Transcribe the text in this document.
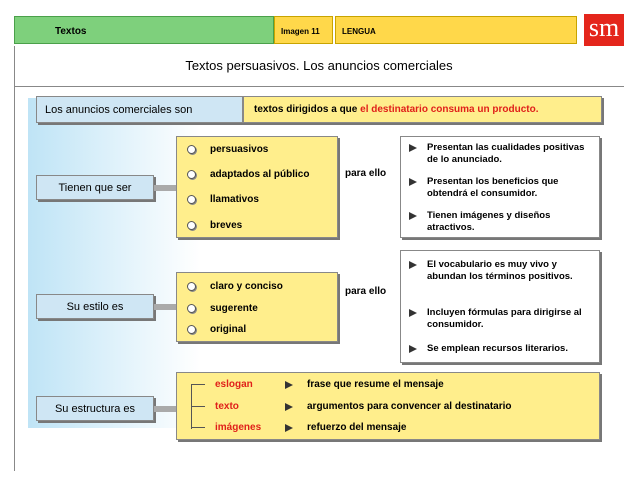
Textos	Imagen 11	LENGUA	sm
Textos persuasivos. Los anuncios comerciales
Los anuncios comerciales son	textos dirigidos a que el destinatario consuma un producto.
Tienen que ser
persuasivos
adaptados al público
llamativos
breves
para ello
Presentan las cualidades positivas de lo anunciado.
Presentan los beneficios que obtendrá el consumidor.
Tienen imágenes y diseños atractivos.
Su estilo es
claro y conciso
sugerente
original
para ello
El vocabulario es muy vivo y abundan los términos positivos.
Incluyen fórmulas para dirigirse al consumidor.
Se emplean recursos literarios.
Su estructura es
eslogan	frase que resume el mensaje
texto	argumentos para convencer al destinatario
imágenes	refuerzo del mensaje
